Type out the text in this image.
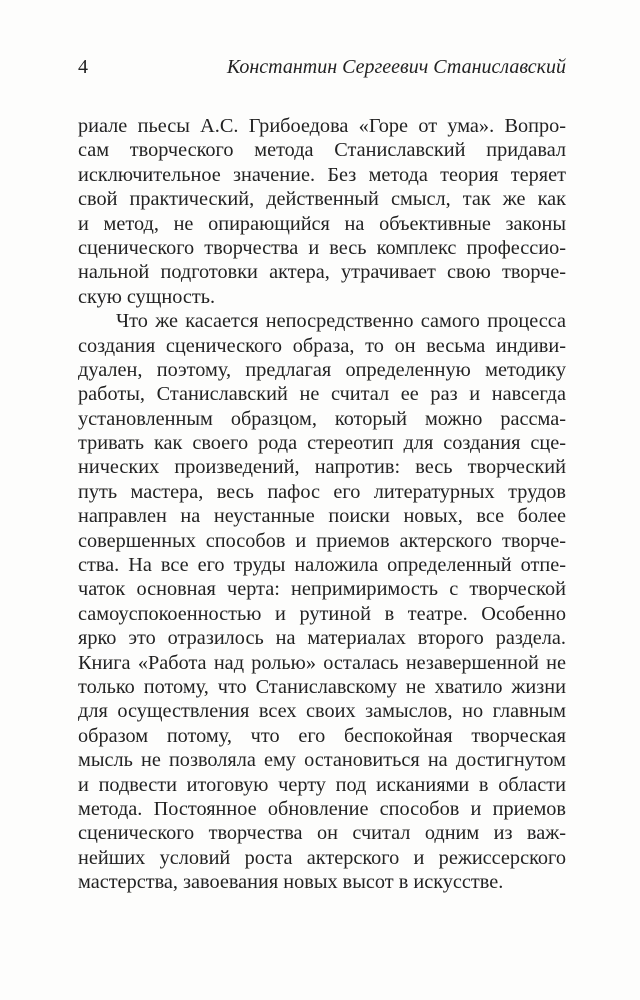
4	Константин Сергеевич Станиславский
риале пьесы А.С. Грибоедова «Горе от ума». Вопро-
сам творческого метода Станиславский придавал
исключительное значение. Без метода теория теряет
свой практический, действенный смысл, так же как
и метод, не опирающийся на объективные законы
сценического творчества и весь комплекс профессио-
нальной подготовки актера, утрачивает свою творче-
скую сущность.
Что же касается непосредственно самого процесса
создания сценического образа, то он весьма индиви-
дуален, поэтому, предлагая определенную методику
работы, Станиславский не считал ее раз и навсегда
установленным образцом, который можно рассма-
тривать как своего рода стереотип для создания сце-
нических произведений, напротив: весь творческий
путь мастера, весь пафос его литературных трудов
направлен на неустанные поиски новых, все более
совершенных способов и приемов актерского творче-
ства. На все его труды наложила определенный отпе-
чаток основная черта: непримиримость с творческой
самоуспокоенностью и рутиной в театре. Особенно
ярко это отразилось на материалах второго раздела.
Книга «Работа над ролью» осталась незавершенной не
только потому, что Станиславскому не хватило жизни
для осуществления всех своих замыслов, но главным
образом потому, что его беспокойная творческая
мысль не позволяла ему остановиться на достигнутом
и подвести итоговую черту под исканиями в области
метода. Постоянное обновление способов и приемов
сценического творчества он считал одним из важ-
нейших условий роста актерского и режиссерского
мастерства, завоевания новых высот в искусстве.
